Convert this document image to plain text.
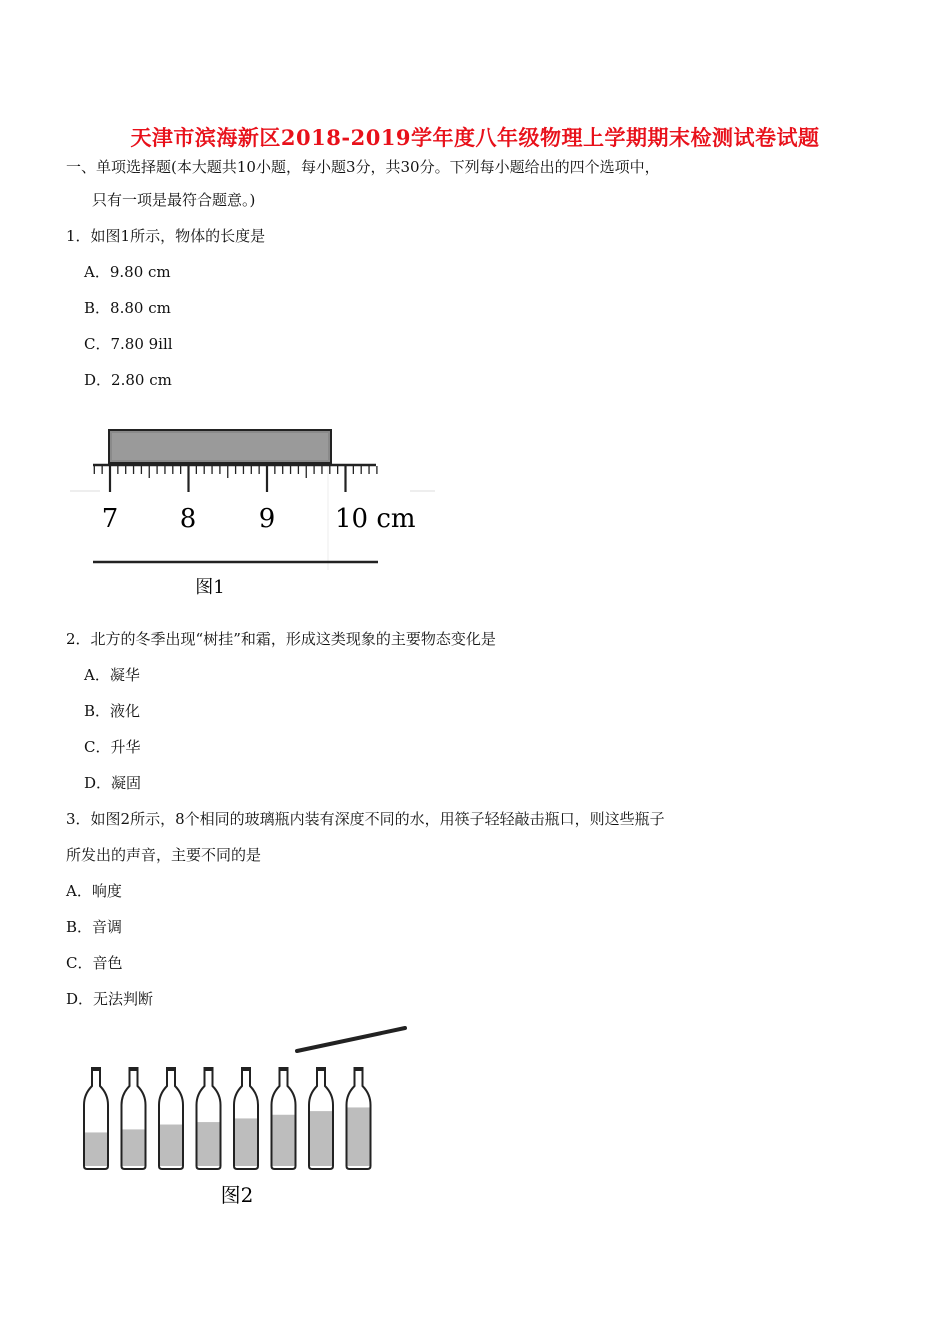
天津市滨海新区2018-2019学年度八年级物理上学期期末检测试卷试题
一、单项选择题(本大题共10小题，每小题3分，共30分。下列每小题给出的四个选项中，
只有一项是最符合题意。)
1．如图1所示，物体的长度是
A．9.80 cm
B．8.80 cm
C．7.80 9ill
D．2.80 cm
7 8 9 10 cm
图1
2．北方的冬季出现“树挂”和霜，形成这类现象的主要物态变化是
A．凝华
B．液化
C．升华
D．凝固
3．如图2所示，8个相同的玻璃瓶内装有深度不同的水，用筷子轻轻敲击瓶口，则这些瓶子
所发出的声音，主要不同的是
A．响度
B．音调
C．音色
D．无法判断
图2
